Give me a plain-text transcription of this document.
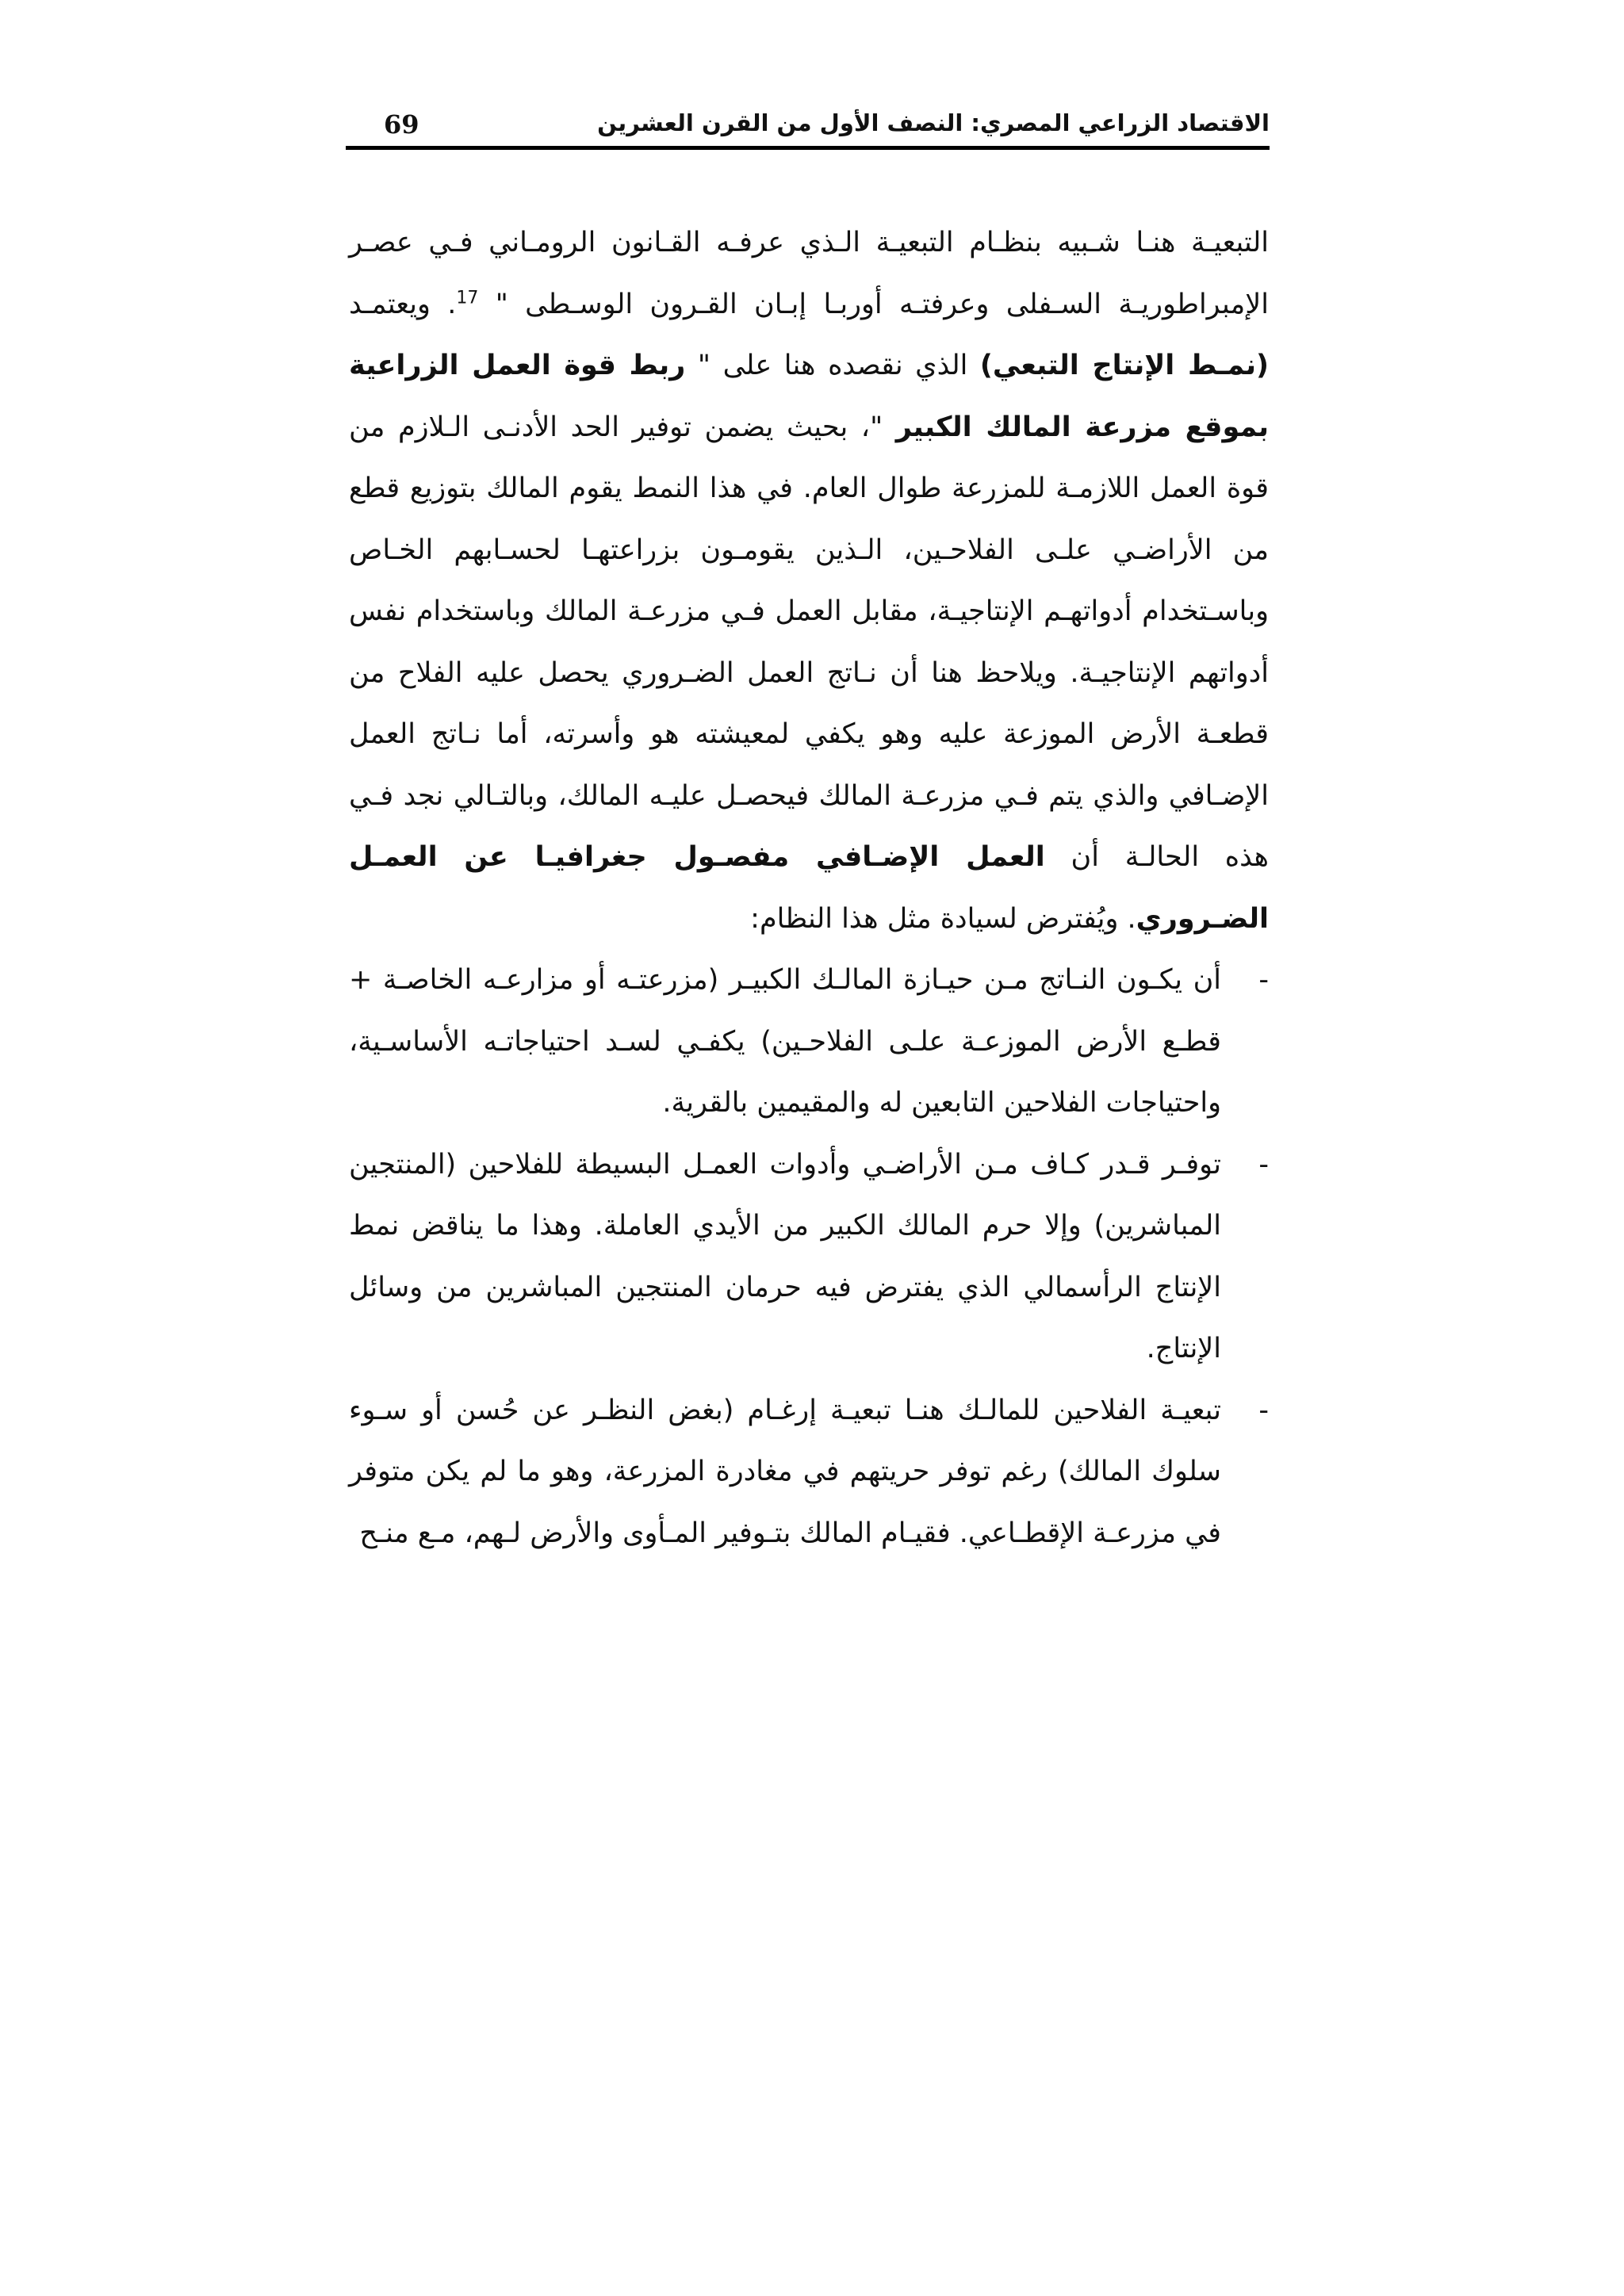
69	الاقتصاد الزراعي المصري: النصف الأول من القرن العشرين

التبعيـة هنـا شـبيه بنظـام التبعيـة الـذي عرفـه القـانون الرومـاني فـي عصـر الإمبراطوريـة السـفلى وعرفتـه أوربـا إبـان القـرون الوسـطى " $^{17}$. ويعتمـد (نمـط الإنتاج التبعي) الذي نقصده هنا على " ربط قوة العمل الزراعية بموقع مزرعة المالك الكبير "، بحيث يضمن توفير الحد الأدنـى الـلازم من قوة العمل اللازمـة للمزرعة طوال العام. في هذا النمط يقوم المالك بتوزيع قطع من الأراضـي علـى الفلاحـين، الـذين يقومـون بزراعتهـا لحسـابهم الخـاص وباسـتخدام أدواتهـم الإنتاجيـة، مقابل العمل فـي مزرعـة المالك وباستخدام نفس أدواتهم الإنتاجيـة. ويلاحظ هنا أن نـاتج العمل الضـروري يحصل عليه الفلاح من قطعـة الأرض الموزعة عليه وهو يكفي لمعيشته هو وأسرته، أما نـاتج العمل الإضـافي والذي يتم فـي مزرعـة المالك فيحصـل عليـه المالك، وبالتـالي نجد فـي هذه الحالـة أن العمل الإضـافي مفصـول جغرافيـا عن العمـل الضـروري. ويُفترض لسيادة مثل هذا النظام:

-
أن يكـون النـاتج مـن حيـازة المالـك الكبيـر (مزرعتـه أو مزارعـه الخاصـة + قطـع الأرض الموزعـة علـى الفلاحـين) يكفـي لسـد احتياجاتـه الأساسـية، واحتياجات الفلاحين التابعين له والمقيمين بالقرية.
-
توفـر قـدر كـاف مـن الأراضـي وأدوات العمـل البسيطة للفلاحين (المنتجين المباشرين) وإلا حرم المالك الكبير من الأيدي العاملة. وهذا ما يناقض نمط الإنتاج الرأسمالي الذي يفترض فيه حرمان المنتجين المباشرين من وسائل الإنتاج.
-
تبعيـة الفلاحين للمالـك هنـا تبعيـة إرغـام (بغض النظـر عن حُسن أو سـوء سلوك المالك) رغم توفر حريتهم في مغادرة المزرعة، وهو ما لم يكن متوفر في مزرعـة الإقطـاعي. فقيـام المالك بتـوفير المـأوى والأرض لـهم، مـع منـح
